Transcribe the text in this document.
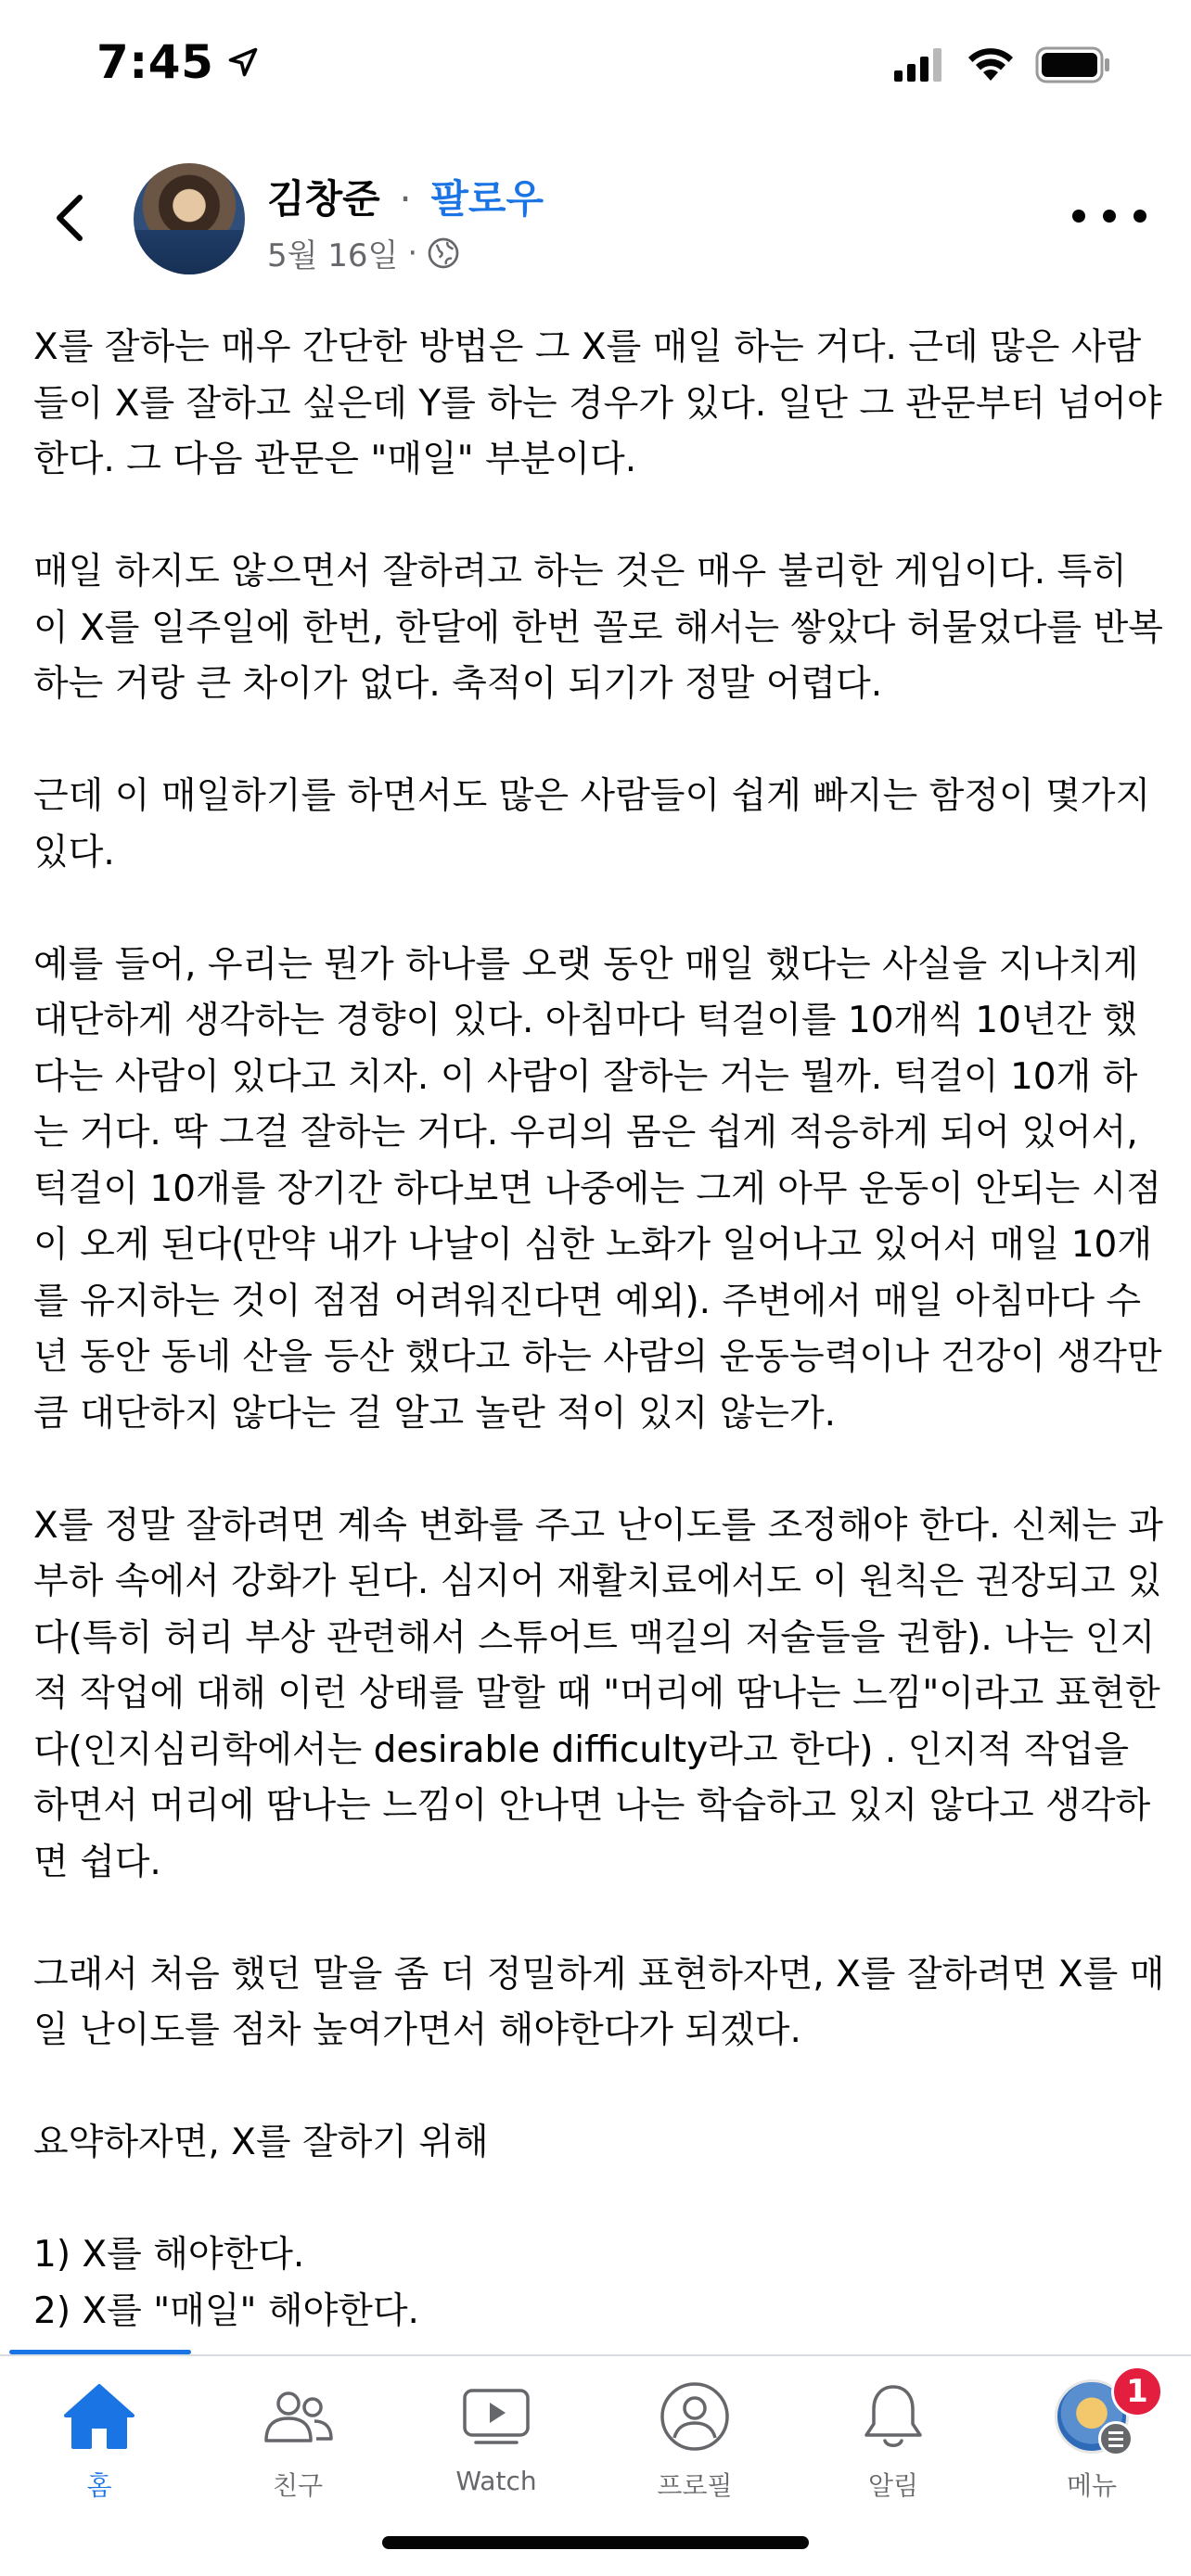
7:45
김창준 · 팔로우
5월 16일 ·

X를 잘하는 매우 간단한 방법은 그 X를 매일 하는 거다. 근데 많은 사람들이 X를 잘하고 싶은데 Y를 하는 경우가 있다. 일단 그 관문부터 넘어야 한다. 그 다음 관문은 "매일" 부분이다.

매일 하지도 않으면서 잘하려고 하는 것은 매우 불리한 게임이다. 특히 이 X를 일주일에 한번, 한달에 한번 꼴로 해서는 쌓았다 허물었다를 반복하는 거랑 큰 차이가 없다. 축적이 되기가 정말 어렵다.

근데 이 매일하기를 하면서도 많은 사람들이 쉽게 빠지는 함정이 몇가지 있다.

예를 들어, 우리는 뭔가 하나를 오랫 동안 매일 했다는 사실을 지나치게 대단하게 생각하는 경향이 있다. 아침마다 턱걸이를 10개씩 10년간 했다는 사람이 있다고 치자. 이 사람이 잘하는 거는 뭘까. 턱걸이 10개 하는 거다. 딱 그걸 잘하는 거다. 우리의 몸은 쉽게 적응하게 되어 있어서, 턱걸이 10개를 장기간 하다보면 나중에는 그게 아무 운동이 안되는 시점이 오게 된다(만약 내가 나날이 심한 노화가 일어나고 있어서 매일 10개를 유지하는 것이 점점 어려워진다면 예외). 주변에서 매일 아침마다 수년 동안 동네 산을 등산 했다고 하는 사람의 운동능력이나 건강이 생각만큼 대단하지 않다는 걸 알고 놀란 적이 있지 않는가.

X를 정말 잘하려면 계속 변화를 주고 난이도를 조정해야 한다. 신체는 과부하 속에서 강화가 된다. 심지어 재활치료에서도 이 원칙은 권장되고 있다(특히 허리 부상 관련해서 스튜어트 맥길의 저술들을 권함). 나는 인지적 작업에 대해 이런 상태를 말할 때 "머리에 땀나는 느낌"이라고 표현한다(인지심리학에서는 desirable difficulty라고 한다) . 인지적 작업을 하면서 머리에 땀나는 느낌이 안나면 나는 학습하고 있지 않다고 생각하면 쉽다.

그래서 처음 했던 말을 좀 더 정밀하게 표현하자면, X를 잘하려면 X를 매일 난이도를 점차 높여가면서 해야한다가 되겠다.

요약하자면, X를 잘하기 위해

1) X를 해야한다.

2) X를 "매일" 해야한다.

홈	친구	Watch	프로필	알림
1
메뉴
